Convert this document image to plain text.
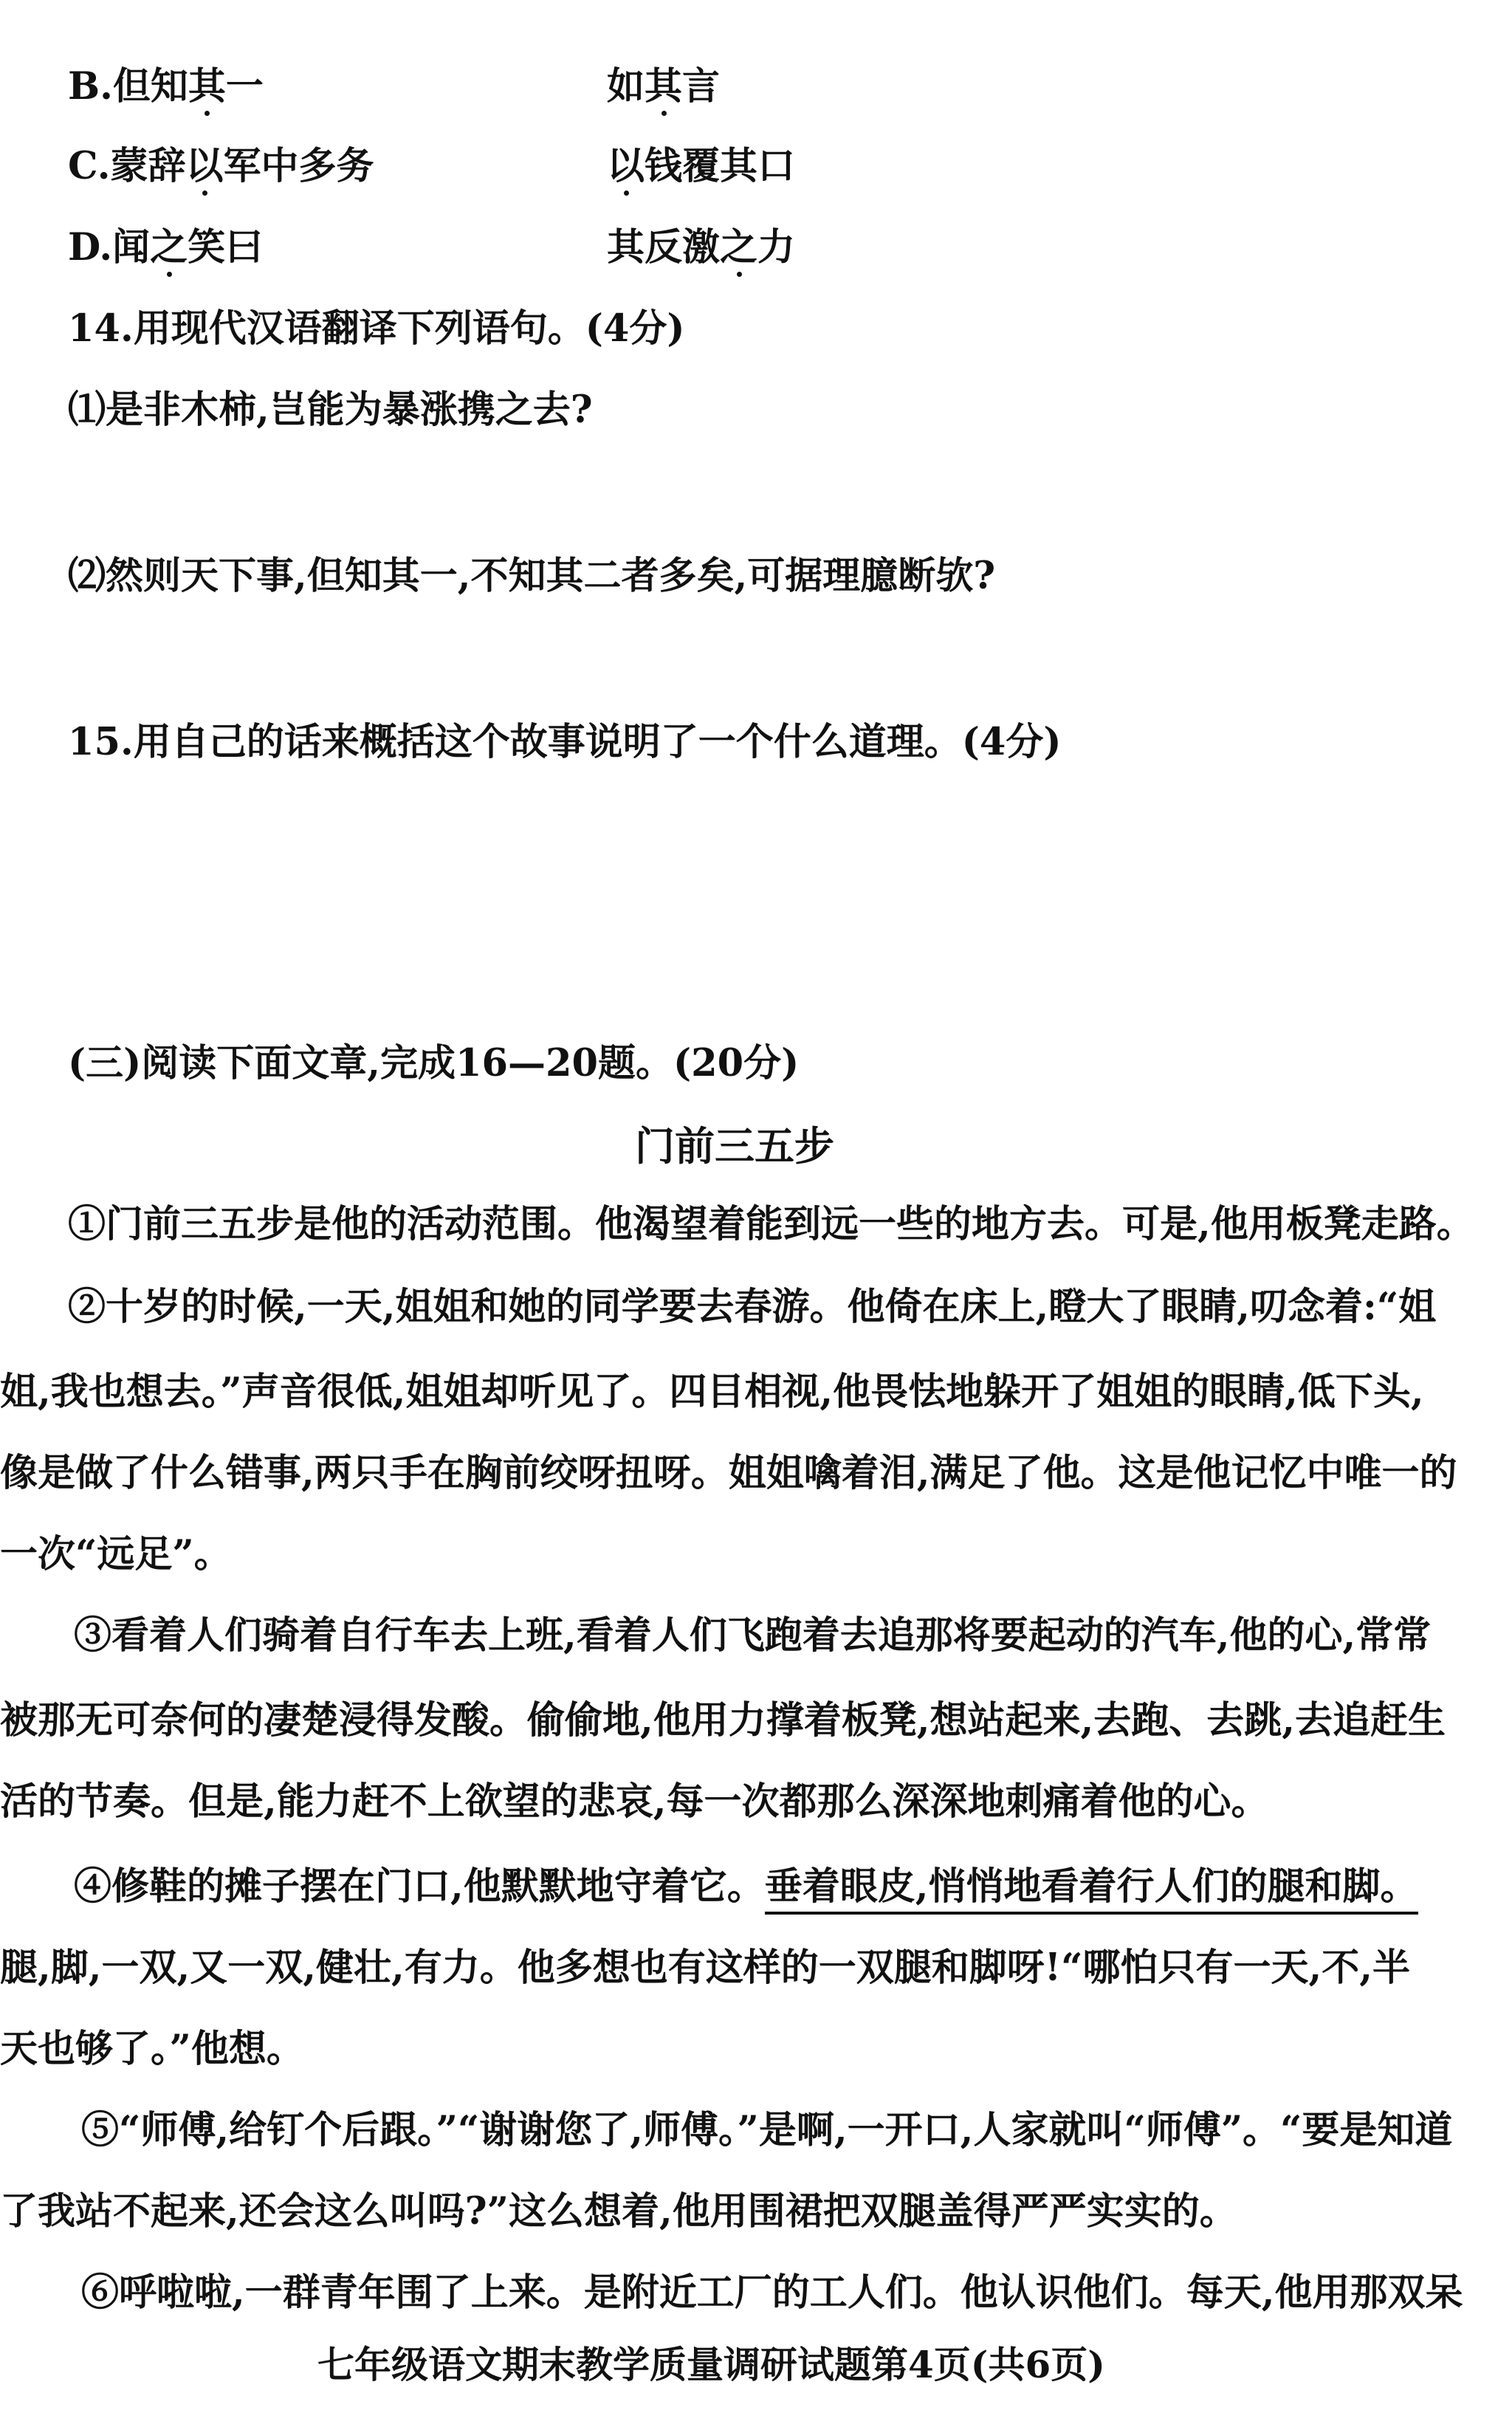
B.但知其一	如其言
C.蒙辞以军中多务	以钱覆其口
D.闻之笑曰	其反激之力
14.用现代汉语翻译下列语句。(4分)
⑴是非木柿,岂能为暴涨携之去?
⑵然则天下事,但知其一,不知其二者多矣,可据理臆断欤?
15.用自己的话来概括这个故事说明了一个什么道理。(4分)
(三)阅读下面文章,完成16—20题。(20分)
门前三五步
①门前三五步是他的活动范围。他渴望着能到远一些的地方去。可是,他用板凳走路。
②十岁的时候,一天,姐姐和她的同学要去春游。他倚在床上,瞪大了眼睛,叨念着:“姐
姐,我也想去。”声音很低,姐姐却听见了。四目相视,他畏怯地躲开了姐姐的眼睛,低下头,
像是做了什么错事,两只手在胸前绞呀扭呀。姐姐噙着泪,满足了他。这是他记忆中唯一的
一次“远足”。
③看着人们骑着自行车去上班,看着人们飞跑着去追那将要起动的汽车,他的心,常常
被那无可奈何的凄楚浸得发酸。偷偷地,他用力撑着板凳,想站起来,去跑、去跳,去追赶生
活的节奏。但是,能力赶不上欲望的悲哀,每一次都那么深深地刺痛着他的心。
④修鞋的摊子摆在门口,他默默地守着它。垂着眼皮,悄悄地看着行人们的腿和脚。
腿,脚,一双,又一双,健壮,有力。他多想也有这样的一双腿和脚呀!“哪怕只有一天,不,半
天也够了。”他想。
⑤“师傅,给钉个后跟。”“谢谢您了,师傅。”是啊,一开口,人家就叫“师傅”。“要是知道
了我站不起来,还会这么叫吗?”这么想着,他用围裙把双腿盖得严严实实的。
⑥呼啦啦,一群青年围了上来。是附近工厂的工人们。他认识他们。每天,他用那双呆
七年级语文期末教学质量调研试题第4页(共6页)
